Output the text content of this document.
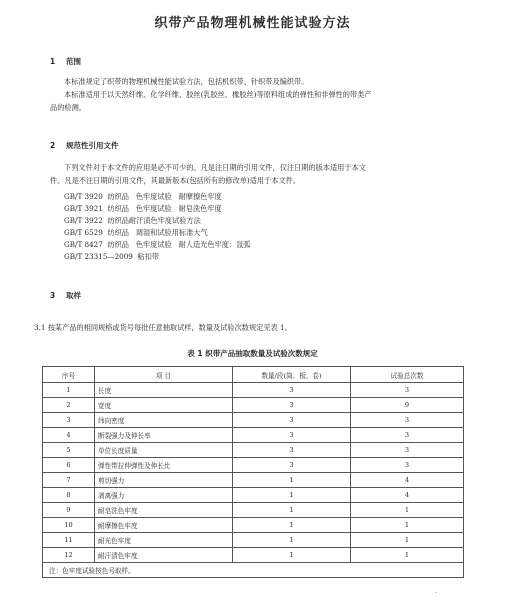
织带产品物理机械性能试验方法
1 范围
本标准规定了织带的物理机械性能试验方法，包括机织带、针织带及编织带。
本标准适用于以天然纤维、化学纤维、胶丝(乳胶丝、橡胶丝)等原料组成的弹性和非弹性的带类产
品的检测。
2 规范性引用文件
下列文件对于本文件的应用是必不可少的。凡是注日期的引用文件，仅注日期的版本适用于本文
件。凡是不注日期的引用文件，其最新版本(包括所有的修改单)适用于本文件。
GB/T 3920  纺织品   色牢度试验   耐摩擦色牢度
GB/T 3921  纺织品   色牢度试验   耐皂洗色牢度
GB/T 3922  纺织品耐汗渍色牢度试验方法
GB/T 6529  纺织品   调湿和试验用标准大气
GB/T 8427  纺织品   色牢度试验   耐人造光色牢度：氙弧
GB/T 23315—2009  粘扣带
3 取样
3.1 按某产品的相同规格或货号每批任意抽取试样，数量及试验次数规定见表 1。
表 1 织带产品抽取数量及试验次数规定
序号	项 目	数量/段(筒、板、卷)	试验总次数
1	长度	3	3
2	宽度	3	9
3	纬向密度	3	3
4	断裂强力及伸长率	3	3
5	单位长度质量	3	3
6	弹性带拉伸弹性及伸长比	3	3
7	剪切强力	1	4
8	剥离强力	1	4
9	耐皂洗色牢度	1	1
10	耐摩擦色牢度	1	1
11	耐光色牢度	1	1
12	耐汗渍色牢度	1	1
注：色牢度试验按色号取样。			
·
